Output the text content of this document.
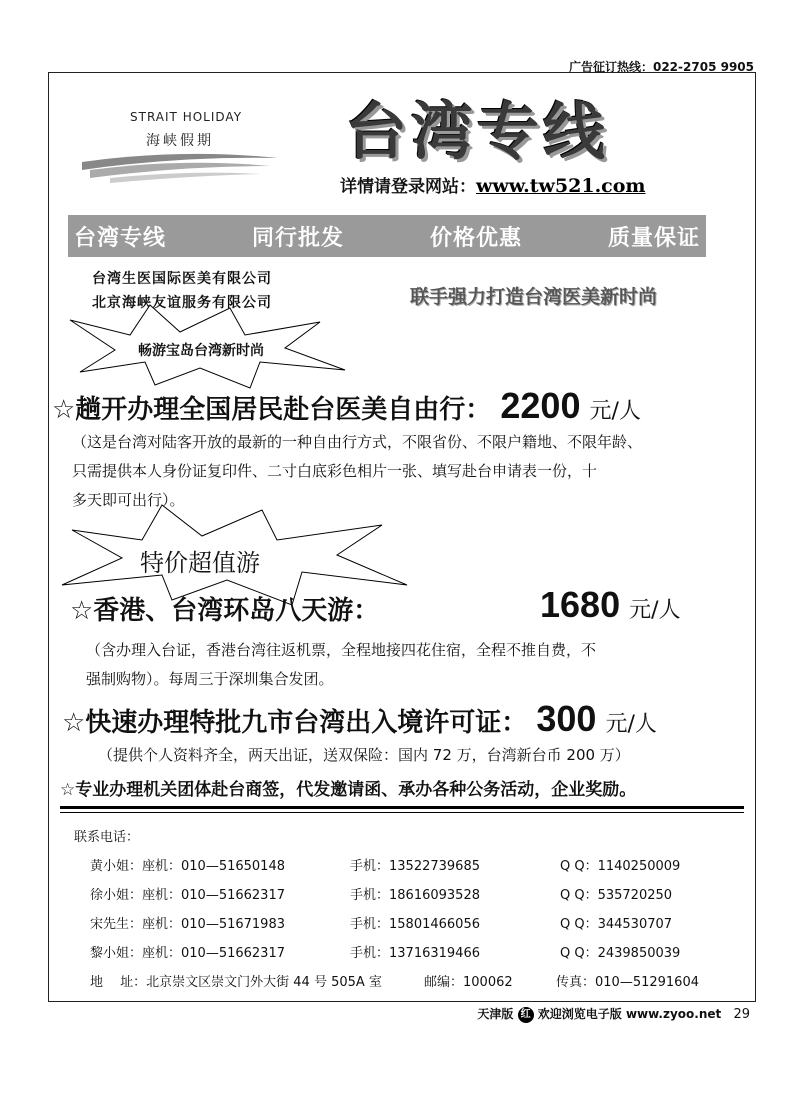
广告征订热线：022-2705 9905
STRAIT HOLIDAY
海峡假期 台湾专线
详情请登录网站：www.tw521.com
台湾专线	同行批发	价格优惠	质量保证
台湾生医国际医美有限公司
北京海峡友谊服务有限公司	联手强力打造台湾医美新时尚
畅游宝岛台湾新时尚
☆趟开办理全国居民赴台医美自由行： 2200 元/人
（这是台湾对陆客开放的最新的一种自由行方式，不限省份、不限户籍地、不限年龄、
只需提供本人身份证复印件、二寸白底彩色相片一张、填写赴台申请表一份，十
多天即可出行）。
特价超值游
☆香港、台湾环岛八天游：	1680 元/人
（含办理入台证，香港台湾往返机票，全程地接四花住宿，全程不推自费，不
强制购物）。每周三于深圳集合发团。
☆快速办理特批九市台湾出入境许可证： 300 元/人
（提供个人资料齐全，两天出证，送双保险：国内 72 万，台湾新台币 200 万）
☆专业办理机关团体赴台商签，代发邀请函、承办各种公务活动，企业奖励。
联系电话：
黄小姐：座机：010—51650148	手机：13522739685	Q Q：1140250009
徐小姐：座机：010—51662317	手机：18616093528	Q Q：535720250
宋先生：座机：010—51671983	手机：15801466056	Q Q：344530707
黎小姐：座机：010—51662317	手机：13716319466	Q Q：2439850039
地　 址：北京崇文区崇文门外大街 44 号 505A 室	邮编：100062	传真：010—51291604
天津版 红 欢迎浏览电子版 www.zyoo.net 29
